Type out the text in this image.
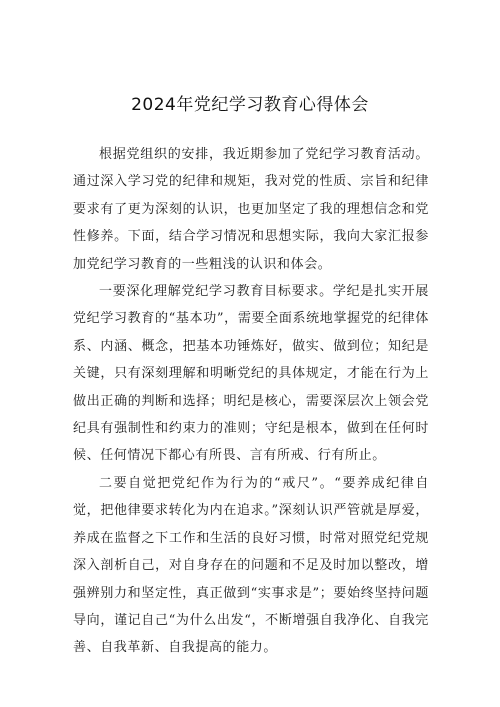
2024年党纪学习教育心得体会

根据党组织的安排，我近期参加了党纪学习教育活动。通过深入学习党的纪律和规矩，我对党的性质、宗旨和纪律要求有了更为深刻的认识，也更加坚定了我的理想信念和党性修养。下面，结合学习情况和思想实际，我向大家汇报参加党纪学习教育的一些粗浅的认识和体会。

一要深化理解党纪学习教育目标要求。学纪是扎实开展党纪学习教育的“基本功”，需要全面系统地掌握党的纪律体系、内涵、概念，把基本功锤炼好，做实、做到位；知纪是关键，只有深刻理解和明晰党纪的具体规定，才能在行为上做出正确的判断和选择；明纪是核心，需要深层次上领会党纪具有强制性和约束力的准则；守纪是根本，做到在任何时候、任何情况下都心有所畏、言有所戒、行有所止。

二要自觉把党纪作为行为的“戒尺”。“要养成纪律自觉，把他律要求转化为内在追求。”深刻认识严管就是厚爱，养成在监督之下工作和生活的良好习惯，时常对照党纪党规深入剖析自己，对自身存在的问题和不足及时加以整改，增强辨别力和坚定性，真正做到“实事求是”；要始终坚持问题导向，谨记自己“为什么出发“，不断增强自我净化、自我完善、自我革新、自我提高的能力。
